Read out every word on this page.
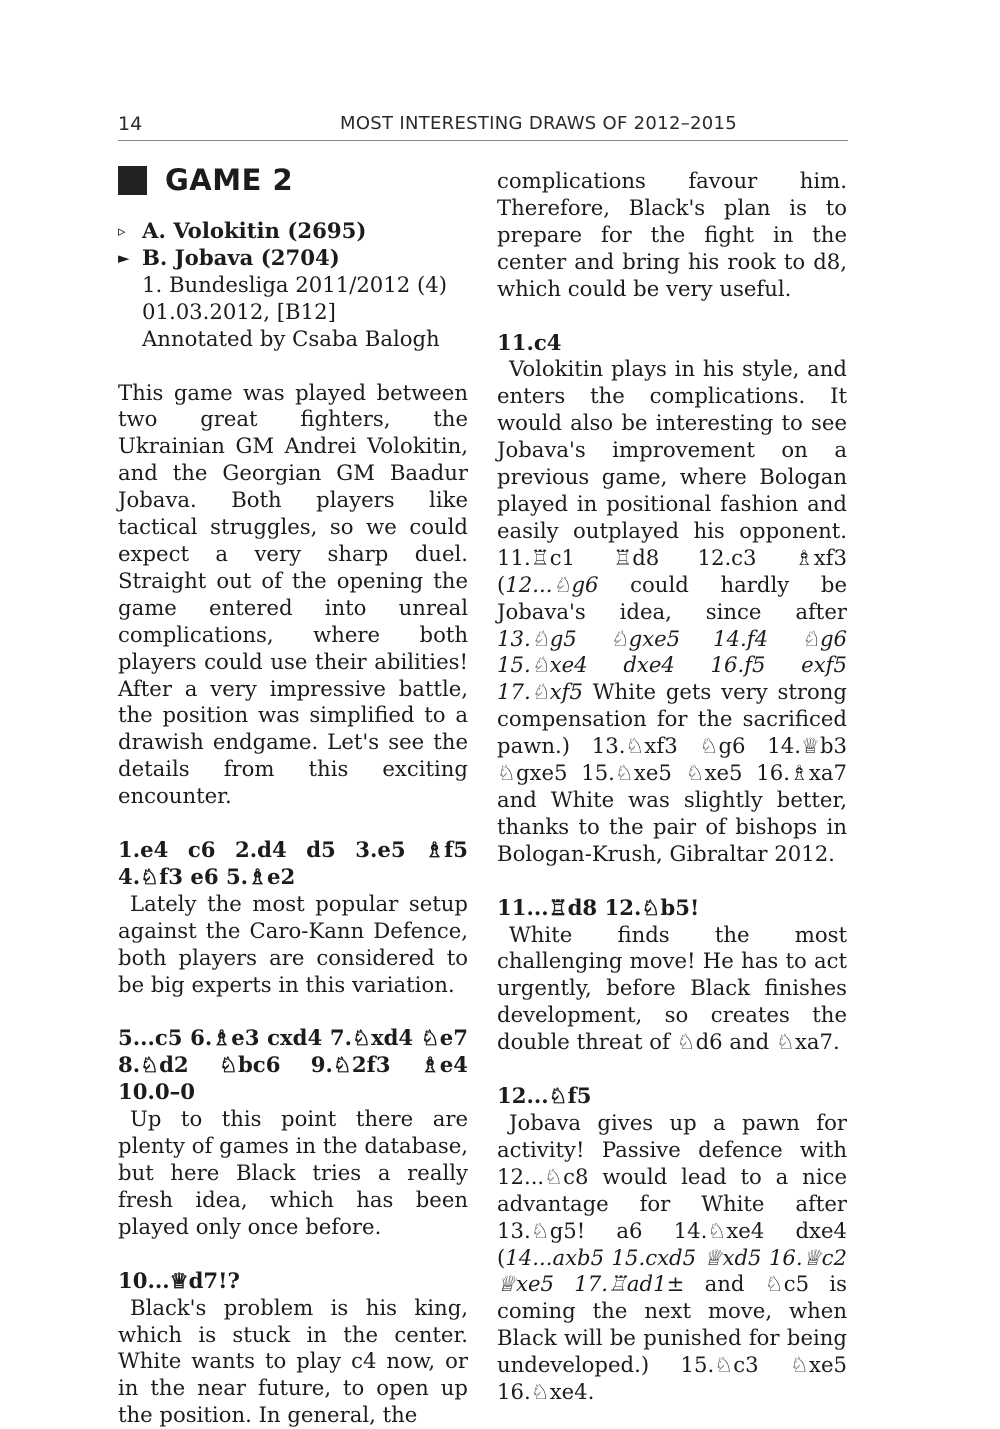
14	MOST INTERESTING DRAWS OF 2012–2015
GAME 2
▹ A. Volokitin (2695)
► B. Jobava (2704)
1. Bundesliga 2011/2012 (4)
01.03.2012, [B12]
Annotated by Csaba Balogh

This game was played between two great fighters, the Ukrainian GM Andrei Volokitin, and the Georgian GM Baadur Jobava. Both players like tactical struggles, so we could expect a very sharp duel. Straight out of the opening the game entered into unreal complications, where both players could use their abilities! After a very impressive battle, the position was simplified to a drawish endgame. Let's see the details from this exciting encounter.

1.e4 c6 2.d4 d5 3.e5 ♗f5 4.♘f3 e6 5.♗e2

Lately the most popular setup against the Caro-Kann Defence, both players are considered to be big experts in this variation.

5...c5 6.♗e3 cxd4 7.♘xd4 ♘e7 8.♘d2 ♘bc6 9.♘2f3 ♗e4 10.0–0

Up to this point there are plenty of games in the database, but here Black tries a really fresh idea, which has been played only once before.

10...♕d7!?

Black's problem is his king, which is stuck in the center. White wants to play c4 now, or in the near future, to open up the position. In general, the

complications favour him. Therefore, Black's plan is to prepare for the fight in the center and bring his rook to d8, which could be very useful.

11.c4

Volokitin plays in his style, and enters the complications. It would also be interesting to see Jobava's improvement on a previous game, where Bologan played in positional fashion and easily outplayed his opponent. 11.♖c1 ♖d8 12.c3 ♗xf3 (12...♘g6 could hardly be Jobava's idea, since after 13.♘g5 ♘gxe5 14.f4 ♘g6 15.♘xe4 dxe4 16.f5 exf5 17.♘xf5 White gets very strong compensation for the sacrificed pawn.) 13.♘xf3 ♘g6 14.♕b3 ♘gxe5 15.♘xe5 ♘xe5 16.♗xa7 and White was slightly better, thanks to the pair of bishops in Bologan-Krush, Gibraltar 2012.

11...♖d8 12.♘b5!

White finds the most challenging move! He has to act urgently, before Black finishes development, so creates the double threat of ♘d6 and ♘xa7.

12...♘f5

Jobava gives up a pawn for activity! Passive defence with 12...♘c8 would lead to a nice advantage for White after 13.♘g5! a6 14.♘xe4 dxe4 (14...axb5 15.cxd5 ♕xd5 16.♕c2 ♕xe5 17.♖ad1± and ♘c5 is coming the next move, when Black will be punished for being undeveloped.) 15.♘c3 ♘xe5 16.♘xe4.
